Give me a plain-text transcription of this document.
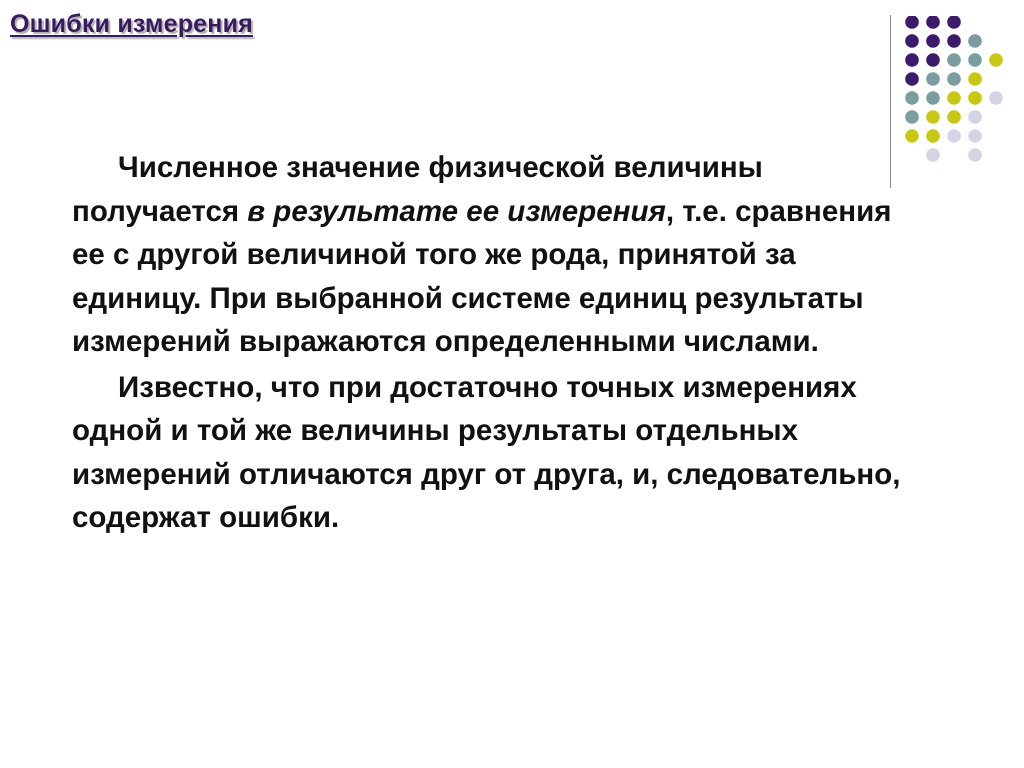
Ошибки измерения

Численное значение физической величины получается в результате ее измерения, т.е. сравнения ее с другой величиной того же рода, принятой за единицу. При выбранной системе единиц результаты измерений выражаются определенными числами.

Известно, что при достаточно точных измерениях одной и той же величины результаты отдельных измерений отличаются друг от друга, и, следовательно, содержат ошибки.
